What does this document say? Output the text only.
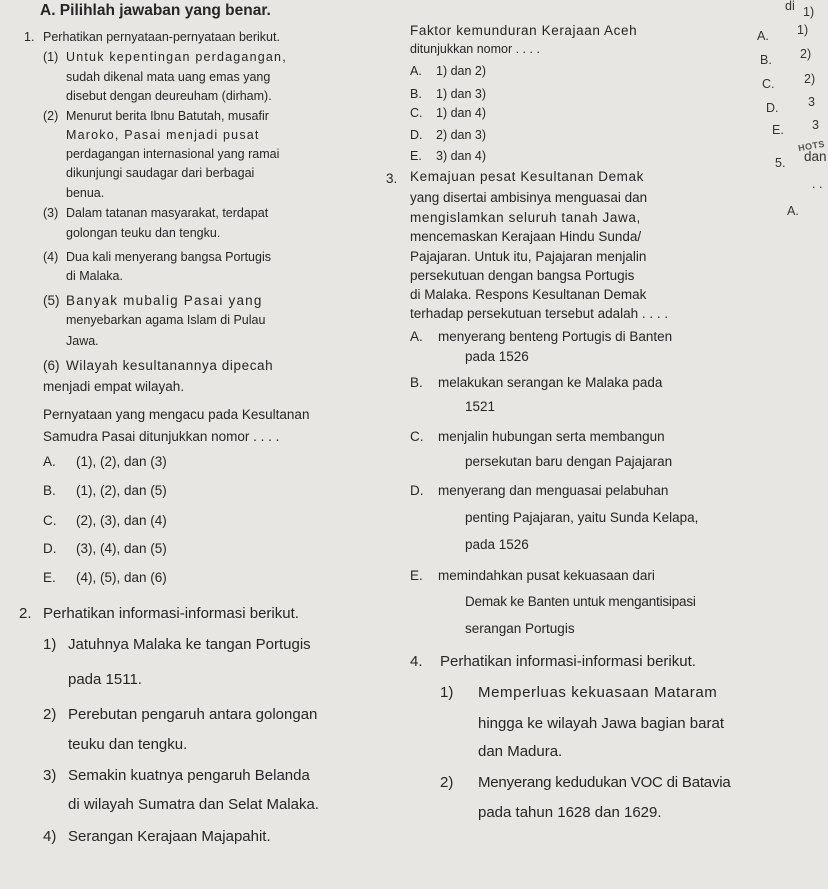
A. Pilihlah jawaban yang benar.
1. Perhatikan pernyataan-pernyataan berikut.
(1) Untuk kepentingan perdagangan,
sudah dikenal mata uang emas yang
disebut dengan deureuham (dirham).
(2) Menurut berita Ibnu Batutah, musafir
Maroko, Pasai menjadi pusat
perdagangan internasional yang ramai
dikunjungi saudagar dari berbagai
benua.
(3) Dalam tatanan masyarakat, terdapat
golongan teuku dan tengku.
(4) Dua kali menyerang bangsa Portugis
di Malaka.
(5) Banyak mubalig Pasai yang
menyebarkan agama Islam di Pulau
Jawa.
(6) Wilayah kesultanannya dipecah
menjadi empat wilayah.
Pernyataan yang mengacu pada Kesultanan
Samudra Pasai ditunjukkan nomor . . . .
A. (1), (2), dan (3)
B. (1), (2), dan (5)
C. (2), (3), dan (4)
D. (3), (4), dan (5)
E. (4), (5), dan (6)
2. Perhatikan informasi-informasi berikut.
1) Jatuhnya Malaka ke tangan Portugis
pada 1511.
2) Perebutan pengaruh antara golongan
teuku dan tengku.
3) Semakin kuatnya pengaruh Belanda
di wilayah Sumatra dan Selat Malaka.
4) Serangan Kerajaan Majapahit.
Faktor kemunduran Kerajaan Aceh
ditunjukkan nomor . . . .
A. 1) dan 2)
B. 1) dan 3)
C. 1) dan 4)
D. 2) dan 3)
E. 3) dan 4)
3. Kemajuan pesat Kesultanan Demak
yang disertai ambisinya menguasai dan
mengislamkan seluruh tanah Jawa,
mencemaskan Kerajaan Hindu Sunda/
Pajajaran. Untuk itu, Pajajaran menjalin
persekutuan dengan bangsa Portugis
di Malaka. Respons Kesultanan Demak
terhadap persekutuan tersebut adalah . . . .
A. menyerang benteng Portugis di Banten
pada 1526
B. melakukan serangan ke Malaka pada
1521
C. menjalin hubungan serta membangun
persekutan baru dengan Pajajaran
D. menyerang dan menguasai pelabuhan
penting Pajajaran, yaitu Sunda Kelapa,
pada 1526
E. memindahkan pusat kekuasaan dari
Demak ke Banten untuk mengantisipasi
serangan Portugis
4. Perhatikan informasi-informasi berikut.
1) Memperluas kekuasaan Mataram
hingga ke wilayah Jawa bagian barat
dan Madura.
2) Menyerang kedudukan VOC di Batavia
pada tahun 1628 dan 1629.
di 1)
A. 1)
B. 2)
C. 2)
D. 3
E. 3
HOTS
5. dan
. .
A.
